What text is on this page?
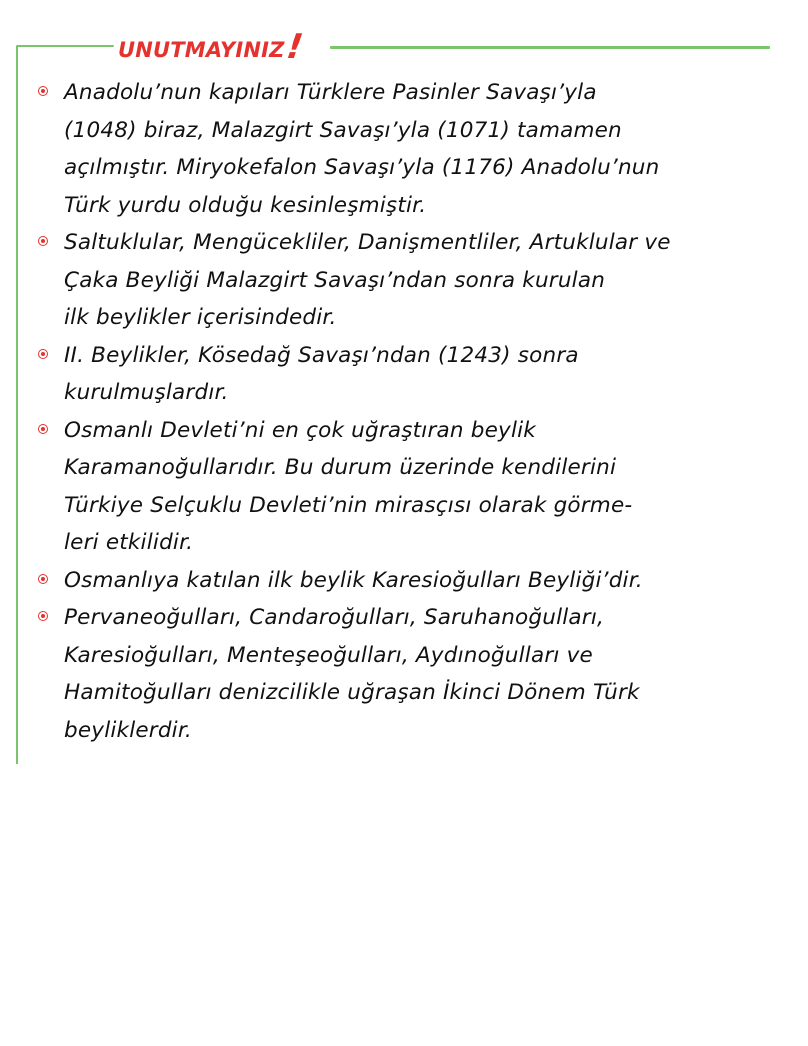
UNUTMAYINIZ !
Anadolu’nun kapıları Türklere Pasinler Savaşı’yla
(1048) biraz, Malazgirt Savaşı’yla (1071) tamamen
açılmıştır. Miryokefalon Savaşı’yla (1176) Anadolu’nun
Türk yurdu olduğu kesinleşmiştir.
Saltuklular, Mengücekliler, Danişmentliler, Artuklular ve
Çaka Beyliği Malazgirt Savaşı’ndan sonra kurulan
ilk beylikler içerisindedir.
II. Beylikler, Kösedağ Savaşı’ndan (1243) sonra
kurulmuşlardır.
Osmanlı Devleti’ni en çok uğraştıran beylik
Karamanoğullarıdır. Bu durum üzerinde kendilerini
Türkiye Selçuklu Devleti’nin mirasçısı olarak görme-
leri etkilidir.
Osmanlıya katılan ilk beylik Karesioğulları Beyliği’dir.
Pervaneoğulları, Candaroğulları, Saruhanoğulları,
Karesioğulları, Menteşeoğulları, Aydınoğulları ve
Hamitoğulları denizcilikle uğraşan İkinci Dönem Türk
beyliklerdir.
